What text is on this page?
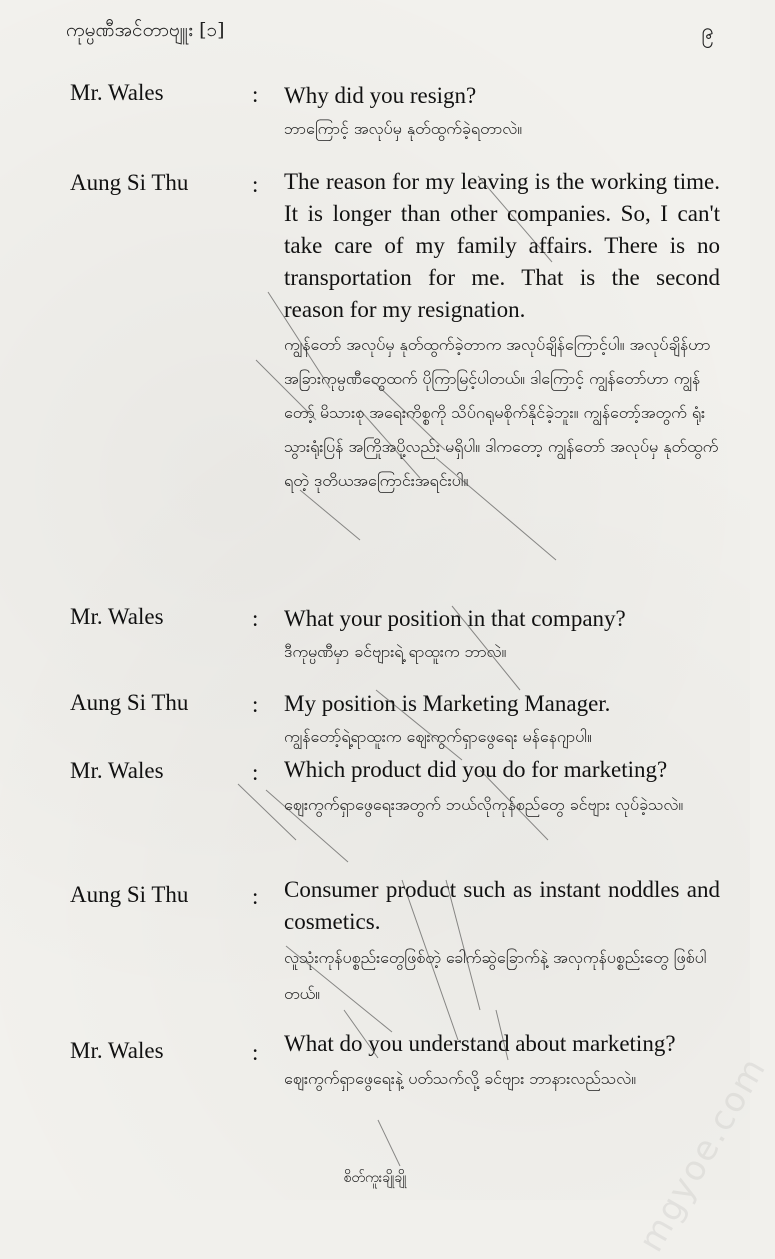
ကုမ္ပဏီအင်တာဗျူး [၁]	၉
Mr. Wales	: Why did you resign?
ဘာကြောင့် အလုပ်မှ နုတ်ထွက်ခဲ့ရတာလဲ။
Aung Si Thu	: The reason for my leaving is the working time. It is longer than other companies. So, I can't take care of my family affairs. There is no transportation for me. That is the second reason for my resignation.
ကျွန်တော် အလုပ်မှ နုတ်ထွက်ခဲ့တာက အလုပ်ချိန်ကြောင့်ပါ။ အလုပ်ချိန်ဟာ အခြားကုမ္ပဏီတွေထက် ပိုကြာမြင့်ပါတယ်။ ဒါကြောင့် ကျွန်တော်ဟာ ကျွန်တော့် မိသားစု အရေးကိစ္စကို သိပ်ဂရုမစိုက်နိုင်ခဲ့ဘူး။ ကျွန်တော့်အတွက် ရုံးသွားရုံးပြန် အကြိုအပို့လည်း မရှိပါ။ ဒါကတော့ ကျွန်တော် အလုပ်မှ နုတ်ထွက်ရတဲ့ ဒုတိယအကြောင်းအရင်းပါ။
Mr. Wales	: What your position in that company?
ဒီကုမ္ပဏီမှာ ခင်ဗျားရဲ့ ရာထူးက ဘာလဲ။
Aung Si Thu	: My position is Marketing Manager.
ကျွန်တော့်ရဲ့ရာထူးက ဈေးကွက်ရှာဖွေရေး မန်နေဂျာပါ။
Mr. Wales	: Which product did you do for marketing?
ဈေးကွက်ရှာဖွေရေးအတွက် ဘယ်လိုကုန်စည်တွေ ခင်ဗျား လုပ်ခဲ့သလဲ။
Aung Si Thu	: Consumer product such as instant noddles and cosmetics.
လူသုံးကုန်ပစ္စည်းတွေဖြစ်တဲ့ ခေါက်ဆွဲခြောက်နဲ့ အလှကုန်ပစ္စည်းတွေ ဖြစ်ပါတယ်။
Mr. Wales	: What do you understand about marketing?
ဈေးကွက်ရှာဖွေရေးနဲ့ ပတ်သက်လို့ ခင်ဗျား ဘာနားလည်သလဲ။
mgyoe.com
စိတ်ကူးချိုချို
